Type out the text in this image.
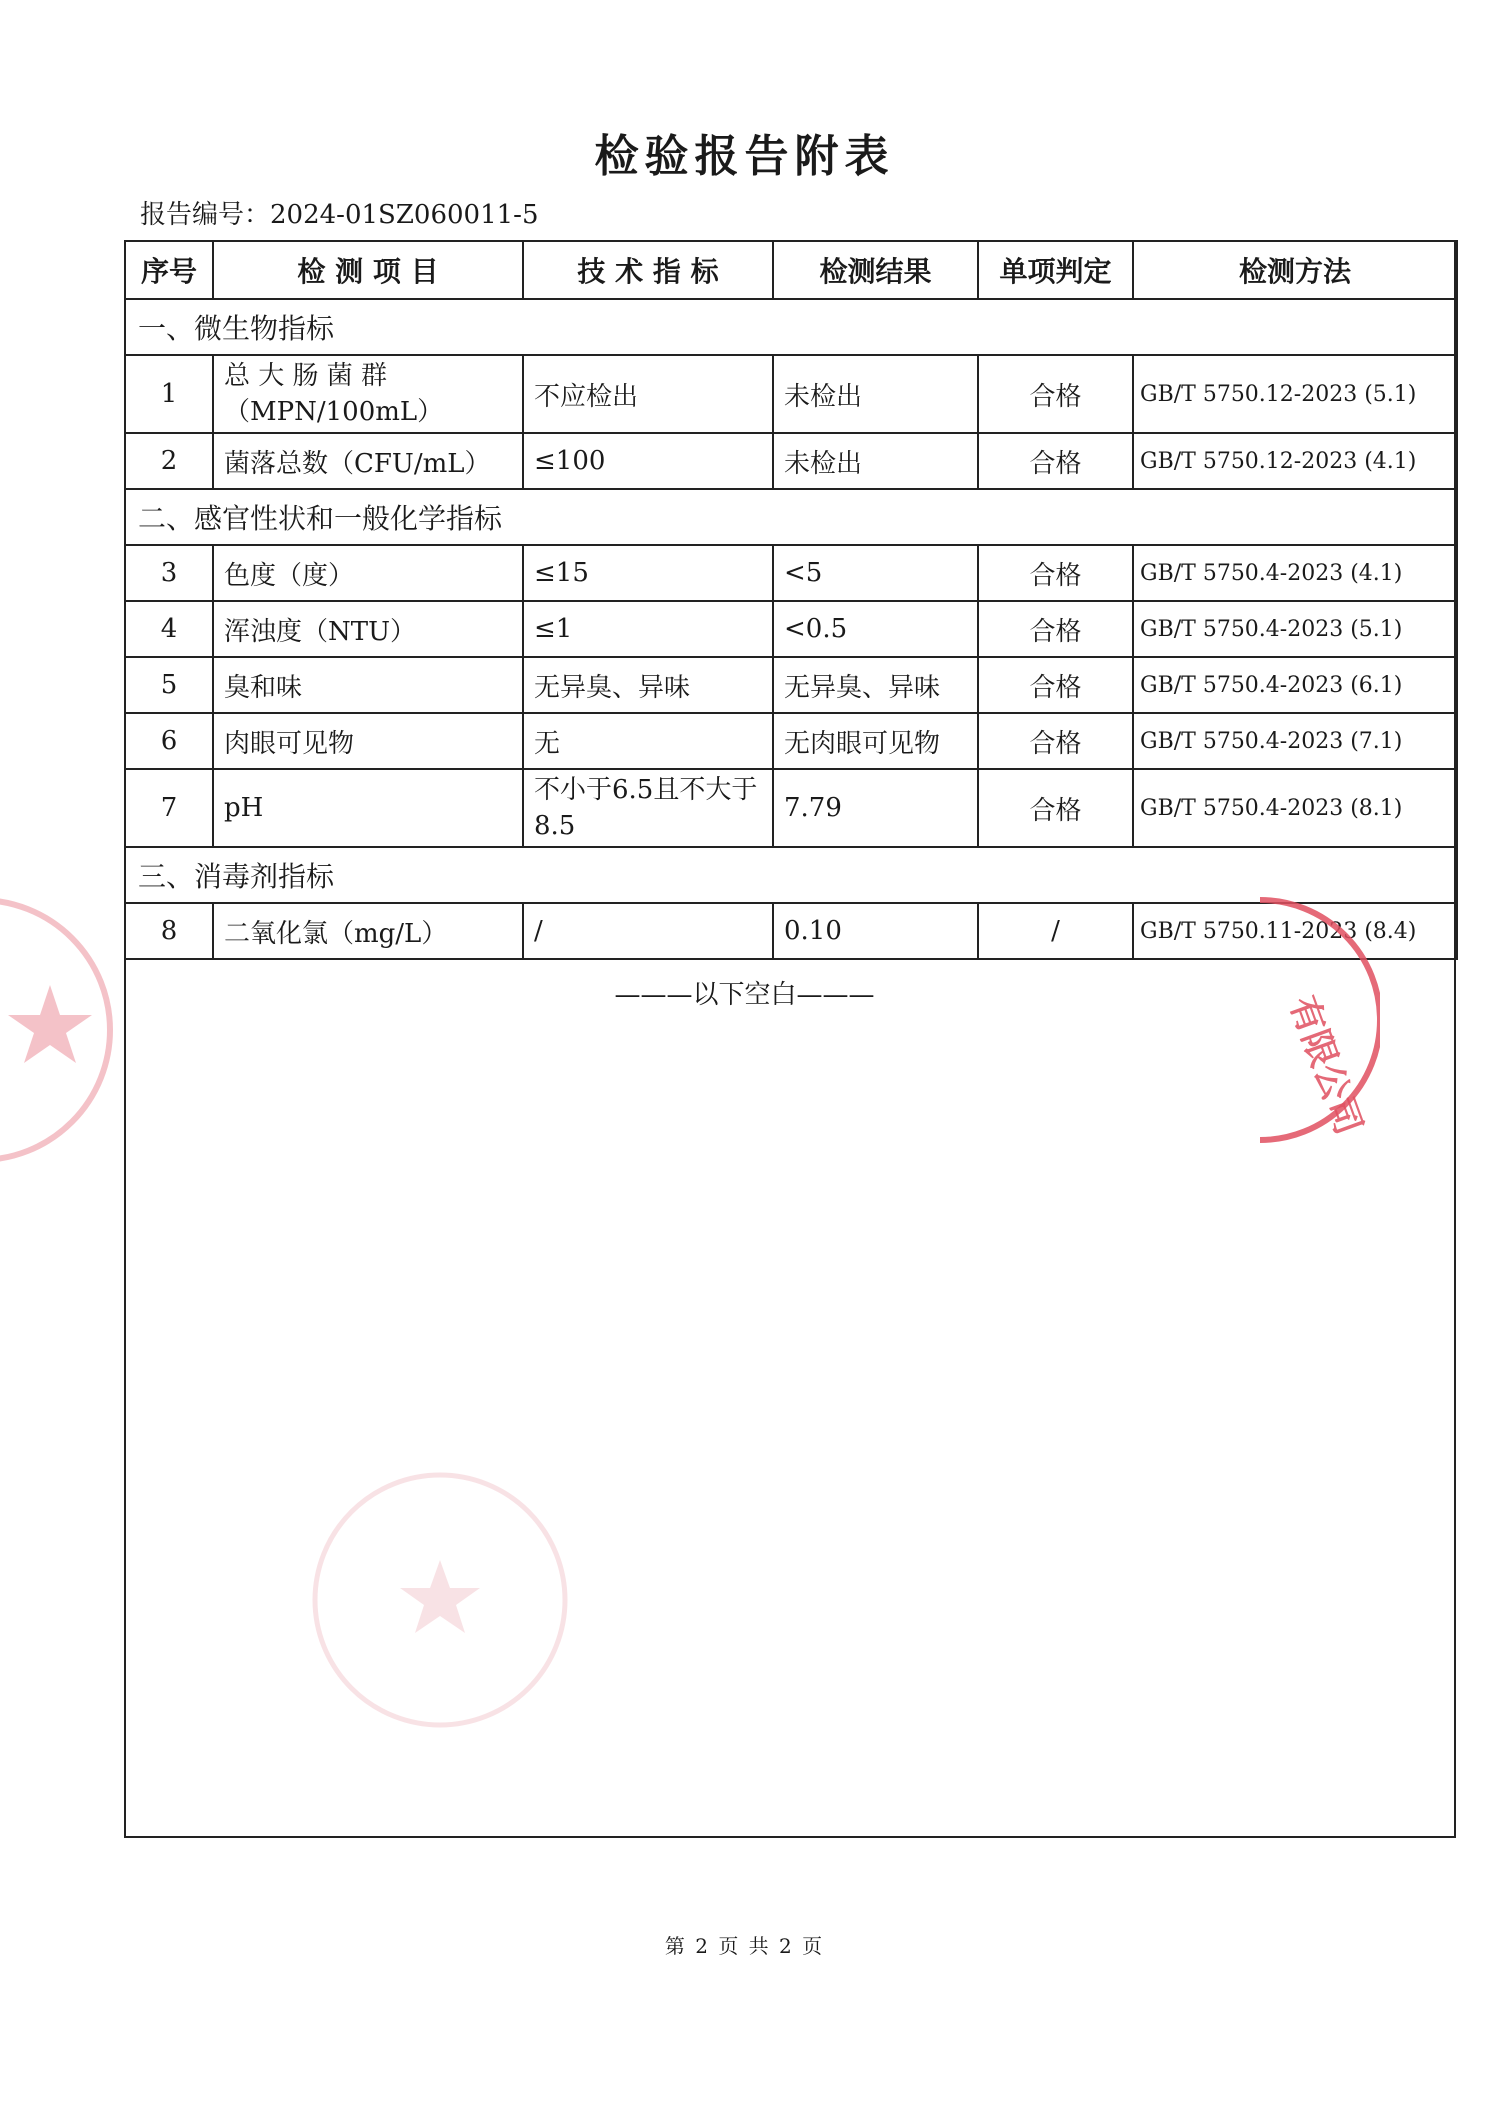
检验报告附表
报告编号：2024-01SZ060011-5
序号	检 测 项 目	技 术 指 标	检测结果	单项判定	检测方法
一、微生物指标					
1	总 大 肠 菌 群（MPN/100mL）	不应检出	未检出	合格	GB/T 5750.12-2023 (5.1)
2	菌落总数（CFU/mL）	≤100	未检出	合格	GB/T 5750.12-2023 (4.1)
二、感官性状和一般化学指标					
3	色度（度）	≤15	<5	合格	GB/T 5750.4-2023 (4.1)
4	浑浊度（NTU）	≤1	<0.5	合格	GB/T 5750.4-2023 (5.1)
5	臭和味	无异臭、异味	无异臭、异味	合格	GB/T 5750.4-2023 (6.1)
6	肉眼可见物	无	无肉眼可见物	合格	GB/T 5750.4-2023 (7.1)
7	pH	不小于6.5且不大于8.5	7.79	合格	GB/T 5750.4-2023 (8.1)
三、消毒剂指标					
8	二氧化氯（mg/L）	/	0.10	/	GB/T 5750.11-2023 (8.4)
———以下空白———	有限公司
第 2 页 共 2 页
